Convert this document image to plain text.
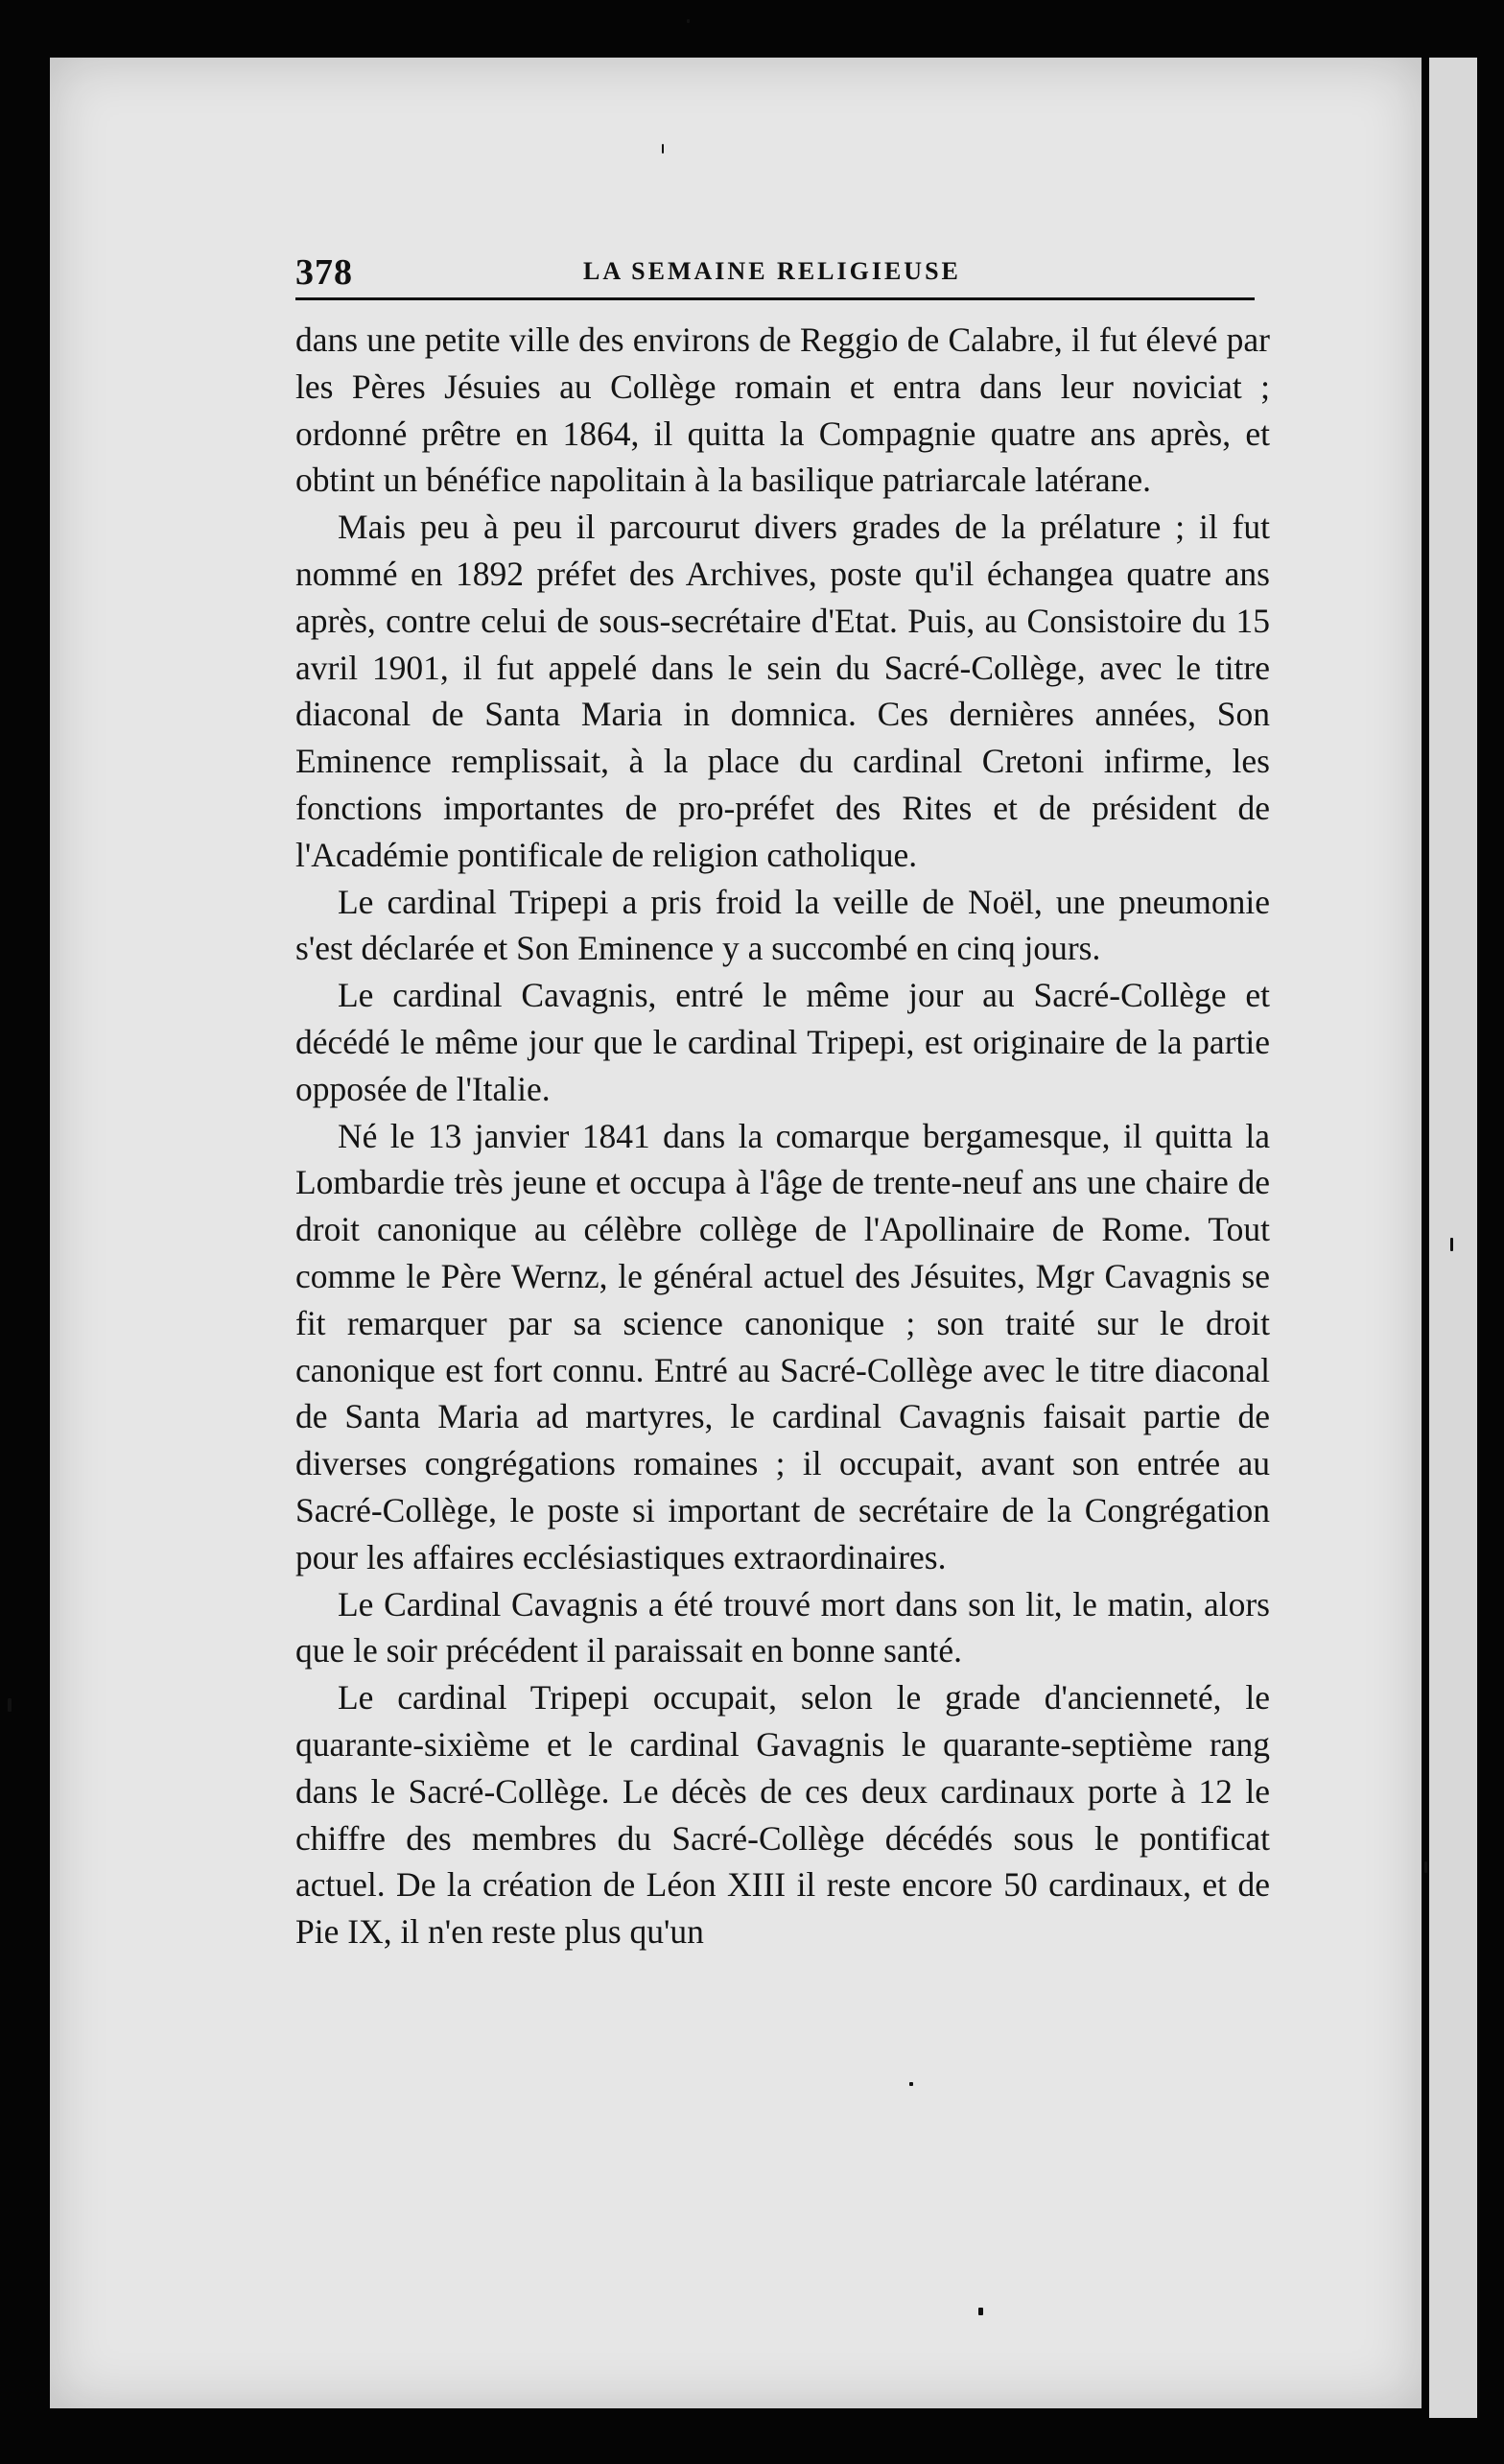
378	LA SEMAINE RELIGIEUSE

dans une petite ville des environs de Reggio de Calabre, il fut élevé par les Pères Jésui‌es au Collège romain et entra dans leur noviciat ; ordonné prêtre en 1864, il quitta la Compagnie quatre ans après, et obtint un bénéfice napolitain à la basilique patriarcale latérane.

Mais peu à peu il parcourut divers grades de la prélature ; il fut nommé en 1892 préfet des Archives, poste qu'il échangea quatre ans après, contre celui de sous-secrétaire d'Etat. Puis, au Consistoire du 15 avril 1901, il fut appelé dans le sein du Sacré-Collège, avec le titre diaconal de Santa Maria in domnica. Ces dernières années, Son Eminence remplissait, à la place du cardinal Cretoni infirme, les fonctions importantes de pro-préfet des Rites et de président de l'Académie pontificale de religion catholique.

Le cardinal Tripepi a pris froid la veille de Noël, une pneumonie s'est déclarée et Son Eminence y a succombé en cinq jours.

Le cardinal Cavagnis, entré le même jour au Sacré-Collège et décédé le même jour que le cardinal Tripepi, est originaire de la partie opposée de l'Italie.

Né le 13 janvier 1841 dans la comarque bergamesque, il quitta la Lombardie très jeune et occupa à l'âge de trente-neuf ans une chaire de droit canonique au célèbre collège de l'Apollinaire de Rome. Tout comme le Père Wernz, le général actuel des Jésuites, Mgr Cavagnis se fit remarquer par sa science canonique ; son traité sur le droit canonique est fort connu. Entré au Sacré-Collège avec le titre diaconal de Santa Maria ad martyres, le cardinal Cavagnis faisait partie de diverses congrégations romaines ; il occupait, avant son entrée au Sacré-Collège, le poste si important de secrétaire de la Congrégation pour les affaires ecclésiastiques extraordinaires.

Le Cardinal Cavagnis a été trouvé mort dans son lit, le matin, alors que le soir précédent il paraissait en bonne santé.

Le cardinal Tripepi occupait, selon le grade d'ancienneté, le quarante-sixième et le cardinal Gavagnis le quarante-septième rang dans le Sacré-Collège. Le décès de ces deux cardinaux porte à 12 le chiffre des membres du Sacré-Collège décédés sous le pontificat actuel. De la création de Léon XIII il reste encore 50 cardinaux, et de Pie IX, il n'en reste plus qu'un
